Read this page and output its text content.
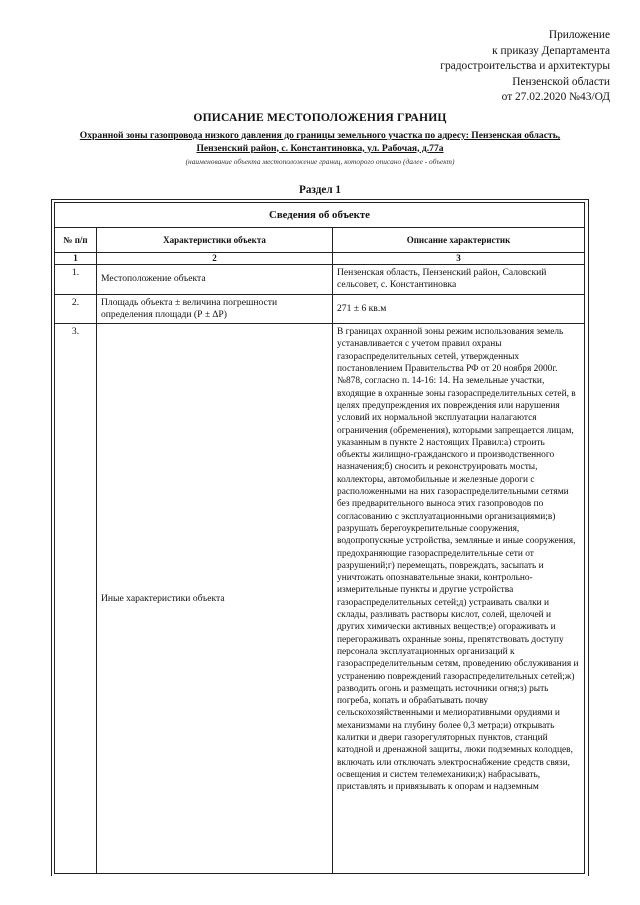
Приложение
к приказу Департамента
градостроительства и архитектуры
Пензенской области
от 27.02.2020 №43/ОД
ОПИСАНИЕ МЕСТОПОЛОЖЕНИЯ ГРАНИЦ
Охранной зоны газопровода низкого давления до границы земельного участка по адресу: Пензенская область, Пензенский район, с. Константиновка, ул. Рабочая, д.77а
(наименование объекта местоположение границ, которого описано (далее - объект)
Раздел 1
Сведения об объекте		
№ п/п	Характеристики объекта	Описание характеристик
1	2	3
1.	Местоположение объекта	Пензенская область, Пензенский район, Саловский сельсовет, с. Константиновка
2.	Площадь объекта ± величина погрешности определения площади (Р ± ∆Р)	271 ± 6 кв.м
3.	Иные характеристики объекта	В границах охранной зоны режим использования земель устанавливается с учетом правил охраны газораспределительных сетей, утвержденных постановлением Правительства РФ от 20 ноября 2000г. №878, согласно п. 14-16: 14. На земельные участки, входящие в охранные зоны газораспределительных сетей, в целях предупреждения их повреждения или нарушения условий их нормальной эксплуатации налагаются ограничения (обременения), которыми запрещается лицам, указанным в пункте 2 настоящих Правил:а) строить объекты жилищно-гражданского и производственного назначения;б) сносить и реконструировать мосты, коллекторы, автомобильные и железные дороги с расположенными на них газораспределительными сетями без предварительного выноса этих газопроводов по согласованию с эксплуатационными организациями;в) разрушать берегоукрепительные сооружения, водопропускные устройства, земляные и иные сооружения, предохраняющие газораспределительные сети от разрушений;г) перемещать, повреждать, засыпать и уничтожать опознавательные знаки, контрольно-измерительные пункты и другие устройства газораспределительных сетей;д) устраивать свалки и склады, разливать растворы кислот, солей, щелочей и других химически активных веществ;е) огораживать и перегораживать охранные зоны, препятствовать доступу персонала эксплуатационных организаций к газораспределительным сетям, проведению обслуживания и устранению повреждений газораспределительных сетей;ж) разводить огонь и размещать источники огня;з) рыть погреба, копать и обрабатывать почву сельскохозяйственными и мелиоративными орудиями и механизмами на глубину более 0,3 метра;и) открывать калитки и двери газорегуляторных пунктов, станций катодной и дренажной защиты, люки подземных колодцев, включать или отключать электроснабжение средств связи, освещения и систем телемеханики;к) набрасывать, приставлять и привязывать к опорам и надземным
